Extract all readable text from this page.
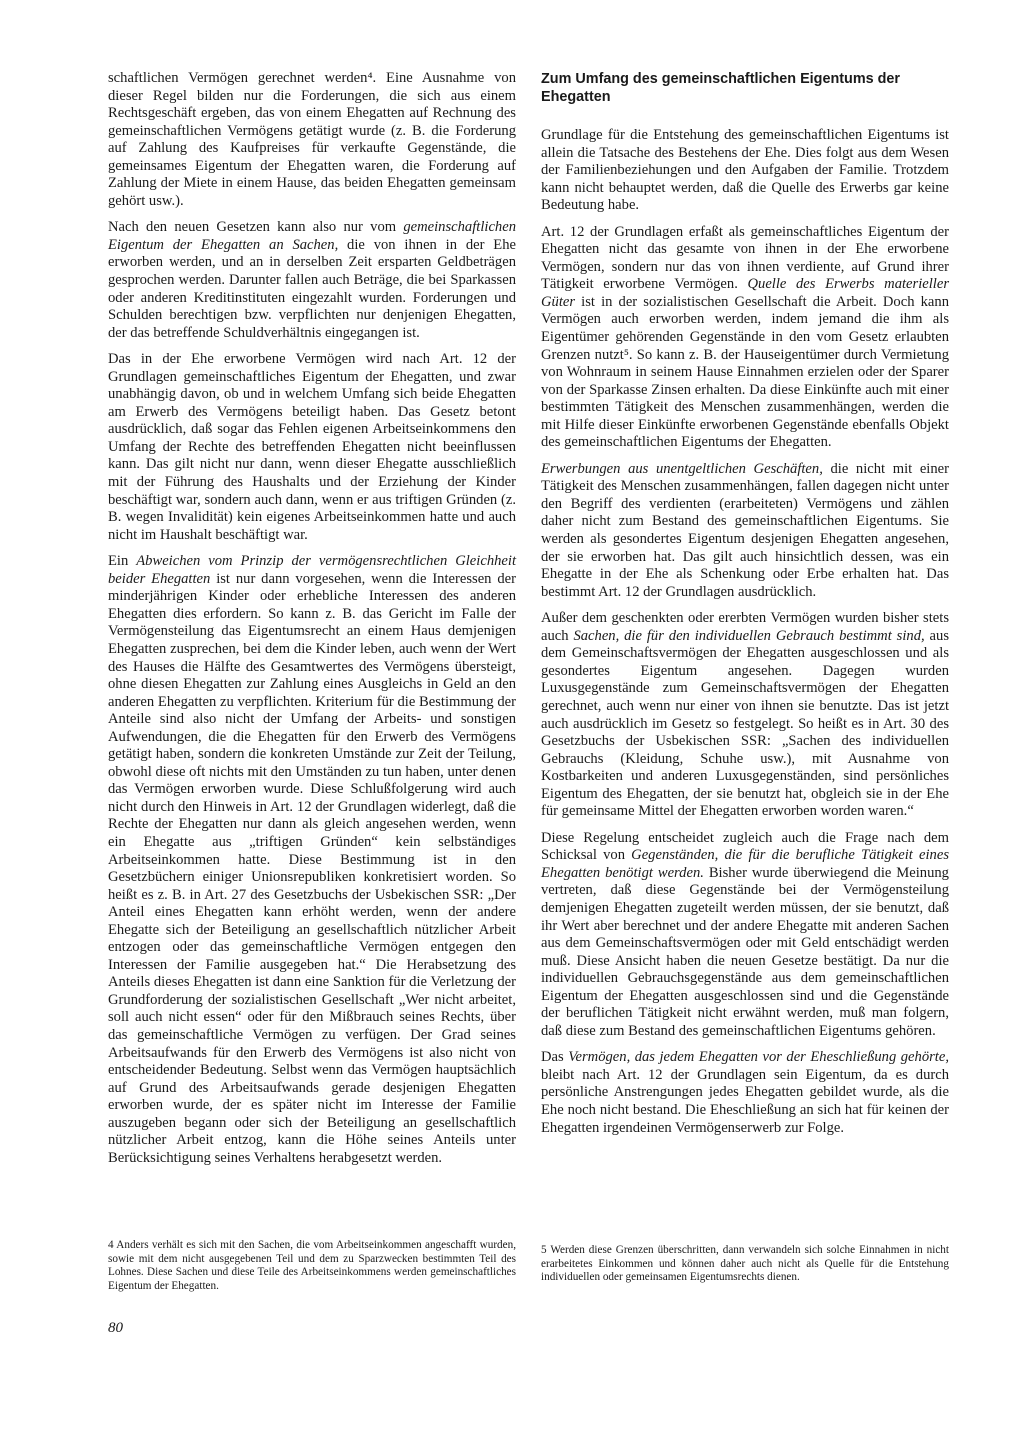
schaftlichen Vermögen gerechnet werden⁴. Eine Ausnahme von dieser Regel bilden nur die Forderungen, die sich aus einem Rechtsgeschäft ergeben, das von einem Ehegatten auf Rechnung des gemeinschaftlichen Vermögens getätigt wurde (z. B. die Forderung auf Zahlung des Kaufpreises für verkaufte Gegenstände, die gemeinsames Eigentum der Ehegatten waren, die Forderung auf Zahlung der Miete in einem Hause, das beiden Ehegatten gemeinsam gehört usw.).

Nach den neuen Gesetzen kann also nur vom gemeinschaftlichen Eigentum der Ehegatten an Sachen, die von ihnen in der Ehe erworben werden, und an in derselben Zeit ersparten Geldbeträgen gesprochen werden. Darunter fallen auch Beträge, die bei Sparkassen oder anderen Kreditinstituten eingezahlt wurden. Forderungen und Schulden berechtigen bzw. verpflichten nur denjenigen Ehegatten, der das betreffende Schuldverhältnis eingegangen ist.

Das in der Ehe erworbene Vermögen wird nach Art. 12 der Grundlagen gemeinschaftliches Eigentum der Ehegatten, und zwar unabhängig davon, ob und in welchem Umfang sich beide Ehegatten am Erwerb des Vermögens beteiligt haben. Das Gesetz betont ausdrücklich, daß sogar das Fehlen eigenen Arbeitseinkommens den Umfang der Rechte des betreffenden Ehegatten nicht beeinflussen kann. Das gilt nicht nur dann, wenn dieser Ehegatte ausschließlich mit der Führung des Haushalts und der Erziehung der Kinder beschäftigt war, sondern auch dann, wenn er aus triftigen Gründen (z. B. wegen Invalidität) kein eigenes Arbeitseinkommen hatte und auch nicht im Haushalt beschäftigt war.

Ein Abweichen vom Prinzip der vermögensrechtlichen Gleichheit beider Ehegatten ist nur dann vorgesehen, wenn die Interessen der minderjährigen Kinder oder erhebliche Interessen des anderen Ehegatten dies erfordern. So kann z. B. das Gericht im Falle der Vermögensteilung das Eigentumsrecht an einem Haus demjenigen Ehegatten zusprechen, bei dem die Kinder leben, auch wenn der Wert des Hauses die Hälfte des Gesamtwertes des Vermögens übersteigt, ohne diesen Ehegatten zur Zahlung eines Ausgleichs in Geld an den anderen Ehegatten zu verpflichten. Kriterium für die Bestimmung der Anteile sind also nicht der Umfang der Arbeits- und sonstigen Aufwendungen, die die Ehegatten für den Erwerb des Vermögens getätigt haben, sondern die konkreten Umstände zur Zeit der Teilung, obwohl diese oft nichts mit den Umständen zu tun haben, unter denen das Vermögen erworben wurde. Diese Schlußfolgerung wird auch nicht durch den Hinweis in Art. 12 der Grundlagen widerlegt, daß die Rechte der Ehegatten nur dann als gleich angesehen werden, wenn ein Ehegatte aus „triftigen Gründen“ kein selbständiges Arbeitseinkommen hatte. Diese Bestimmung ist in den Gesetzbüchern einiger Unionsrepubliken konkretisiert worden. So heißt es z. B. in Art. 27 des Gesetzbuchs der Usbekischen SSR: „Der Anteil eines Ehegatten kann erhöht werden, wenn der andere Ehegatte sich der Beteiligung an gesellschaftlich nützlicher Arbeit entzogen oder das gemeinschaftliche Vermögen entgegen den Interessen der Familie ausgegeben hat.“ Die Herabsetzung des Anteils dieses Ehegatten ist dann eine Sanktion für die Verletzung der Grundforderung der sozialistischen Gesellschaft „Wer nicht arbeitet, soll auch nicht essen“ oder für den Mißbrauch seines Rechts, über das gemeinschaftliche Vermögen zu verfügen. Der Grad seines Arbeitsaufwands für den Erwerb des Vermögens ist also nicht von entscheidender Bedeutung. Selbst wenn das Vermögen hauptsächlich auf Grund des Arbeitsaufwands gerade desjenigen Ehegatten erworben wurde, der es später nicht im Interesse der Familie auszugeben begann oder sich der Beteiligung an gesellschaftlich nützlicher Arbeit entzog, kann die Höhe seines Anteils unter Berücksichtigung seines Verhaltens herabgesetzt werden.

4 Anders verhält es sich mit den Sachen, die vom Arbeitseinkommen angeschafft wurden, sowie mit dem nicht ausgegebenen Teil und dem zu Sparzwecken bestimmten Teil des Lohnes. Diese Sachen und diese Teile des Arbeitseinkommens werden gemeinschaftliches Eigentum der Ehegatten.

Zum Umfang des gemeinschaftlichen Eigentums der Ehegatten

Grundlage für die Entstehung des gemeinschaftlichen Eigentums ist allein die Tatsache des Bestehens der Ehe. Dies folgt aus dem Wesen der Familienbeziehungen und den Aufgaben der Familie. Trotzdem kann nicht behauptet werden, daß die Quelle des Erwerbs gar keine Bedeutung habe.

Art. 12 der Grundlagen erfaßt als gemeinschaftliches Eigentum der Ehegatten nicht das gesamte von ihnen in der Ehe erworbene Vermögen, sondern nur das von ihnen verdiente, auf Grund ihrer Tätigkeit erworbene Vermögen. Quelle des Erwerbs materieller Güter ist in der sozialistischen Gesellschaft die Arbeit. Doch kann Vermögen auch erworben werden, indem jemand die ihm als Eigentümer gehörenden Gegenstände in den vom Gesetz erlaubten Grenzen nutzt⁵. So kann z. B. der Hauseigentümer durch Vermietung von Wohnraum in seinem Hause Einnahmen erzielen oder der Sparer von der Sparkasse Zinsen erhalten. Da diese Einkünfte auch mit einer bestimmten Tätigkeit des Menschen zusammenhängen, werden die mit Hilfe dieser Einkünfte erworbenen Gegenstände ebenfalls Objekt des gemeinschaftlichen Eigentums der Ehegatten.

Erwerbungen aus unentgeltlichen Geschäften, die nicht mit einer Tätigkeit des Menschen zusammenhängen, fallen dagegen nicht unter den Begriff des verdienten (erarbeiteten) Vermögens und zählen daher nicht zum Bestand des gemeinschaftlichen Eigentums. Sie werden als gesondertes Eigentum desjenigen Ehegatten angesehen, der sie erworben hat. Das gilt auch hinsichtlich dessen, was ein Ehegatte in der Ehe als Schenkung oder Erbe erhalten hat. Das bestimmt Art. 12 der Grundlagen ausdrücklich.

Außer dem geschenkten oder ererbten Vermögen wurden bisher stets auch Sachen, die für den individuellen Gebrauch bestimmt sind, aus dem Gemeinschaftsvermögen der Ehegatten ausgeschlossen und als gesondertes Eigentum angesehen. Dagegen wurden Luxusgegenstände zum Gemeinschaftsvermögen der Ehegatten gerechnet, auch wenn nur einer von ihnen sie benutzte. Das ist jetzt auch ausdrücklich im Gesetz so festgelegt. So heißt es in Art. 30 des Gesetzbuchs der Usbekischen SSR: „Sachen des individuellen Gebrauchs (Kleidung, Schuhe usw.), mit Ausnahme von Kostbarkeiten und anderen Luxusgegenständen, sind persönliches Eigentum des Ehegatten, der sie benutzt hat, obgleich sie in der Ehe für gemeinsame Mittel der Ehegatten erworben worden waren.“

Diese Regelung entscheidet zugleich auch die Frage nach dem Schicksal von Gegenständen, die für die berufliche Tätigkeit eines Ehegatten benötigt werden. Bisher wurde überwiegend die Meinung vertreten, daß diese Gegenstände bei der Vermögensteilung demjenigen Ehegatten zugeteilt werden müssen, der sie benutzt, daß ihr Wert aber berechnet und der andere Ehegatte mit anderen Sachen aus dem Gemeinschaftsvermögen oder mit Geld entschädigt werden muß. Diese Ansicht haben die neuen Gesetze bestätigt. Da nur die individuellen Gebrauchsgegenstände aus dem gemeinschaftlichen Eigentum der Ehegatten ausgeschlossen sind und die Gegenstände der beruflichen Tätigkeit nicht erwähnt werden, muß man folgern, daß diese zum Bestand des gemeinschaftlichen Eigentums gehören.

Das Vermögen, das jedem Ehegatten vor der Eheschließung gehörte, bleibt nach Art. 12 der Grundlagen sein Eigentum, da es durch persönliche Anstrengungen jedes Ehegatten gebildet wurde, als die Ehe noch nicht bestand. Die Eheschließung an sich hat für keinen der Ehegatten irgendeinen Vermögenserwerb zur Folge.

5 Werden diese Grenzen überschritten, dann verwandeln sich solche Einnahmen in nicht erarbeitetes Einkommen und können daher auch nicht als Quelle für die Entstehung individuellen oder gemeinsamen Eigentumsrechts dienen.

80
